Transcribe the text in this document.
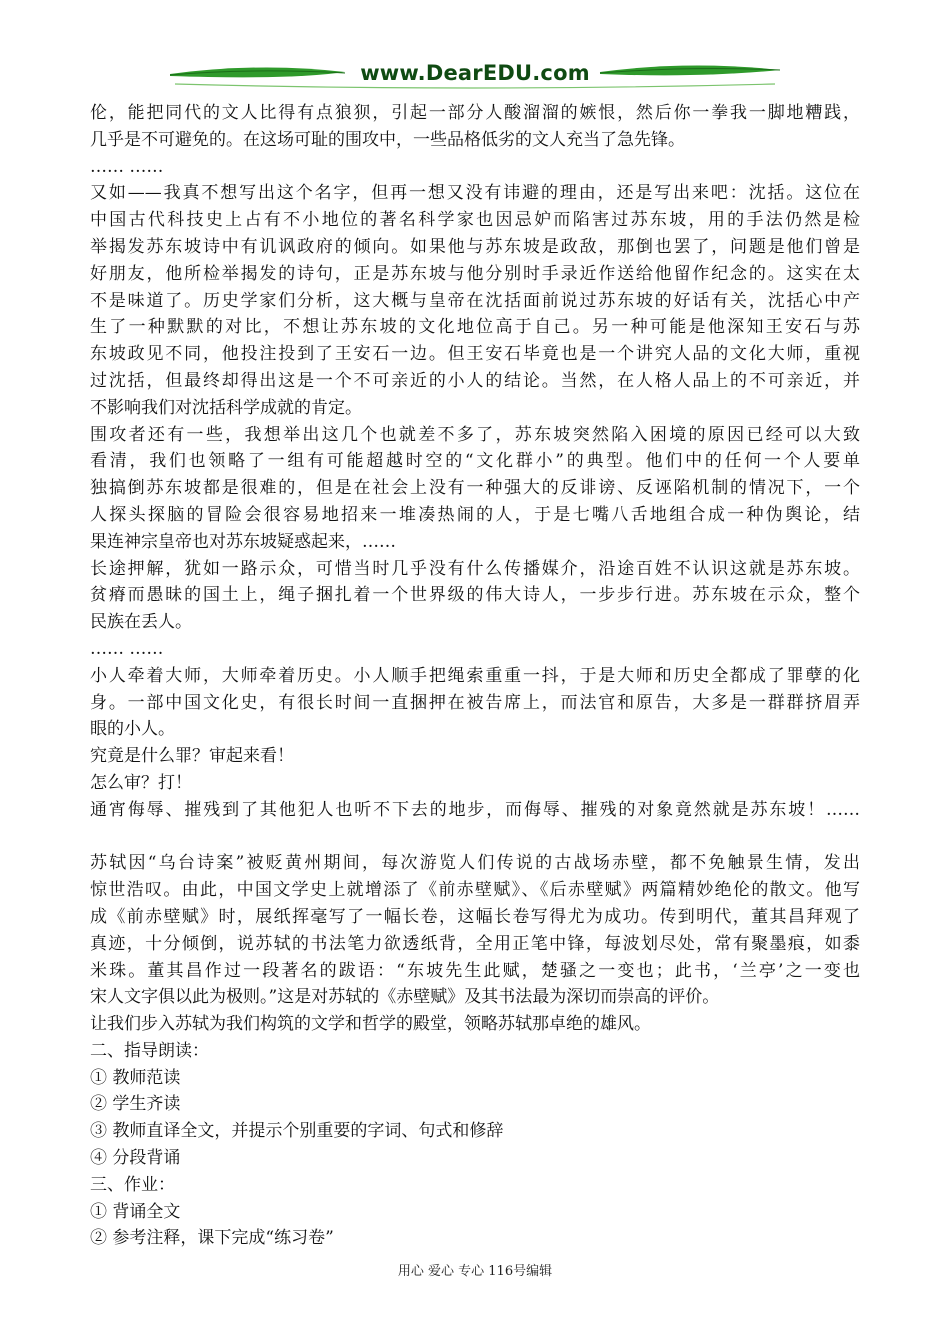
www.DearEDU.com
伦，能把同代的文人比得有点狼狈，引起一部分人酸溜溜的嫉恨，然后你一拳我一脚地糟践，
几乎是不可避免的。在这场可耻的围攻中，一些品格低劣的文人充当了急先锋。
…… ……
又如——我真不想写出这个名字，但再一想又没有讳避的理由，还是写出来吧：沈括。这位在
中国古代科技史上占有不小地位的著名科学家也因忌妒而陷害过苏东坡，用的手法仍然是检
举揭发苏东坡诗中有讥讽政府的倾向。如果他与苏东坡是政敌，那倒也罢了，问题是他们曾是
好朋友，他所检举揭发的诗句，正是苏东坡与他分别时手录近作送给他留作纪念的。这实在太
不是味道了。历史学家们分析，这大概与皇帝在沈括面前说过苏东坡的好话有关，沈括心中产
生了一种默默的对比，不想让苏东坡的文化地位高于自己。另一种可能是他深知王安石与苏
东坡政见不同，他投注投到了王安石一边。但王安石毕竟也是一个讲究人品的文化大师，重视
过沈括，但最终却得出这是一个不可亲近的小人的结论。当然，在人格人品上的不可亲近，并
不影响我们对沈括科学成就的肯定。
围攻者还有一些，我想举出这几个也就差不多了，苏东坡突然陷入困境的原因已经可以大致
看清，我们也领略了一组有可能超越时空的“文化群小”的典型。他们中的任何一个人要单
独搞倒苏东坡都是很难的，但是在社会上没有一种强大的反诽谤、反诬陷机制的情况下，一个
人探头探脑的冒险会很容易地招来一堆凑热闹的人，于是七嘴八舌地组合成一种伪舆论，结
果连神宗皇帝也对苏东坡疑惑起来，……
长途押解，犹如一路示众，可惜当时几乎没有什么传播媒介，沿途百姓不认识这就是苏东坡。
贫瘠而愚昧的国土上，绳子捆扎着一个世界级的伟大诗人，一步步行进。苏东坡在示众，整个
民族在丢人。
…… ……
小人牵着大师，大师牵着历史。小人顺手把绳索重重一抖，于是大师和历史全都成了罪孽的化
身。一部中国文化史，有很长时间一直捆押在被告席上，而法官和原告，大多是一群群挤眉弄
眼的小人。
究竟是什么罪？审起来看！
怎么审？打！
通宵侮辱、摧残到了其他犯人也听不下去的地步，而侮辱、摧残的对象竟然就是苏东坡！……
苏轼因“乌台诗案”被贬黄州期间，每次游览人们传说的古战场赤壁，都不免触景生情，发出
惊世浩叹。由此，中国文学史上就增添了《前赤壁赋》、《后赤壁赋》两篇精妙绝伦的散文。他写
成《前赤壁赋》时，展纸挥毫写了一幅长卷，这幅长卷写得尤为成功。传到明代，董其昌拜观了
真迹，十分倾倒，说苏轼的书法笔力欲透纸背，全用正笔中锋，每波划尽处，常有聚墨痕，如黍
米珠。董其昌作过一段著名的跋语：“东坡先生此赋，楚骚之一变也；此书，‘兰亭’之一变也
宋人文字俱以此为极则。”这是对苏轼的《赤壁赋》及其书法最为深切而崇高的评价。
让我们步入苏轼为我们构筑的文学和哲学的殿堂，领略苏轼那卓绝的雄风。
二、指导朗读：
① 教师范读
② 学生齐读
③ 教师直译全文，并提示个别重要的字词、句式和修辞
④ 分段背诵
三、作业：
① 背诵全文
② 参考注释，课下完成“练习卷”
用心 爱心 专心 116号编辑
